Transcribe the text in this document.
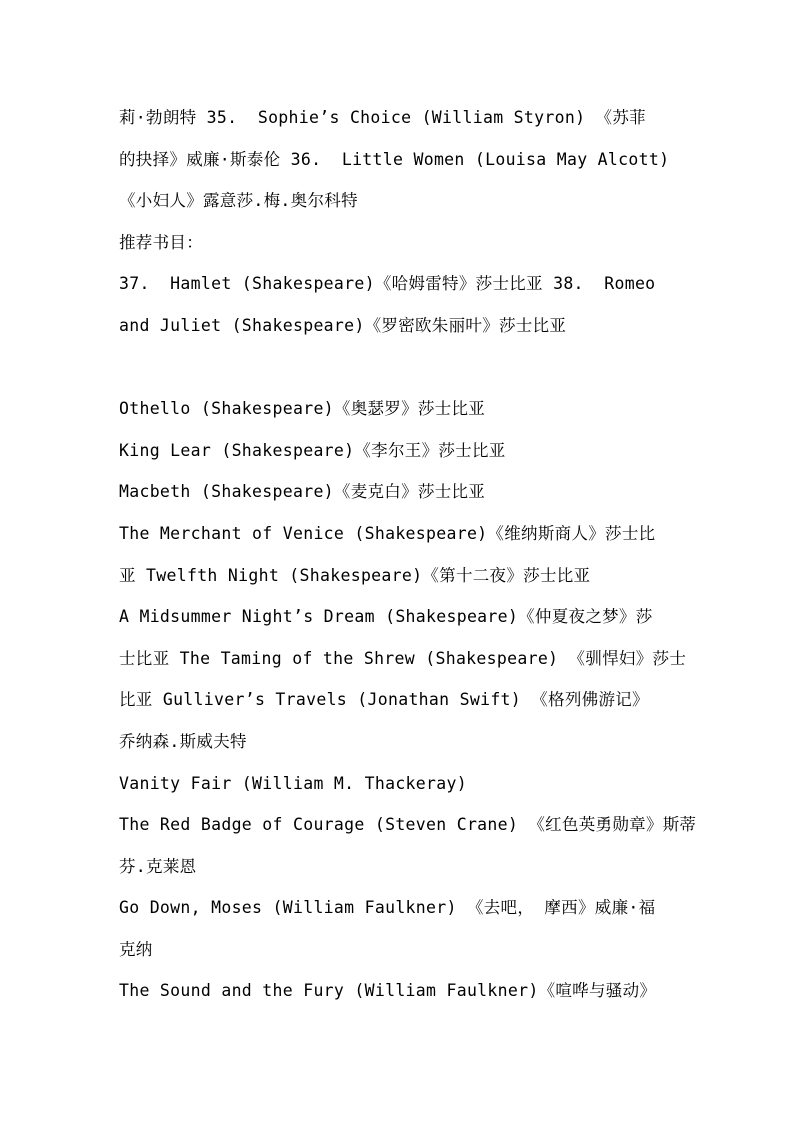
莉·勃朗特 35.  Sophie’s Choice (William Styron) 《苏菲
的抉择》威廉·斯泰伦 36.  Little Women (Louisa May Alcott)
《小妇人》露意莎.梅.奥尔科特
推荐书目：
37.  Hamlet (Shakespeare)《哈姆雷特》莎士比亚 38.  Romeo
and Juliet (Shakespeare)《罗密欧朱丽叶》莎士比亚
Othello (Shakespeare)《奥瑟罗》莎士比亚
King Lear (Shakespeare)《李尔王》莎士比亚
Macbeth (Shakespeare)《麦克白》莎士比亚
The Merchant of Venice (Shakespeare)《维纳斯商人》莎士比
亚 Twelfth Night (Shakespeare)《第十二夜》莎士比亚
A Midsummer Night’s Dream (Shakespeare)《仲夏夜之梦》莎
士比亚 The Taming of the Shrew (Shakespeare) 《驯悍妇》莎士
比亚 Gulliver’s Travels (Jonathan Swift) 《格列佛游记》
乔纳森.斯威夫特
Vanity Fair (William M. Thackeray)
The Red Badge of Courage (Steven Crane) 《红色英勇勋章》斯蒂
芬.克莱恩
Go Down, Moses (William Faulkner) 《去吧， 摩西》威廉·福
克纳
The Sound and the Fury (William Faulkner)《喧哗与骚动》
